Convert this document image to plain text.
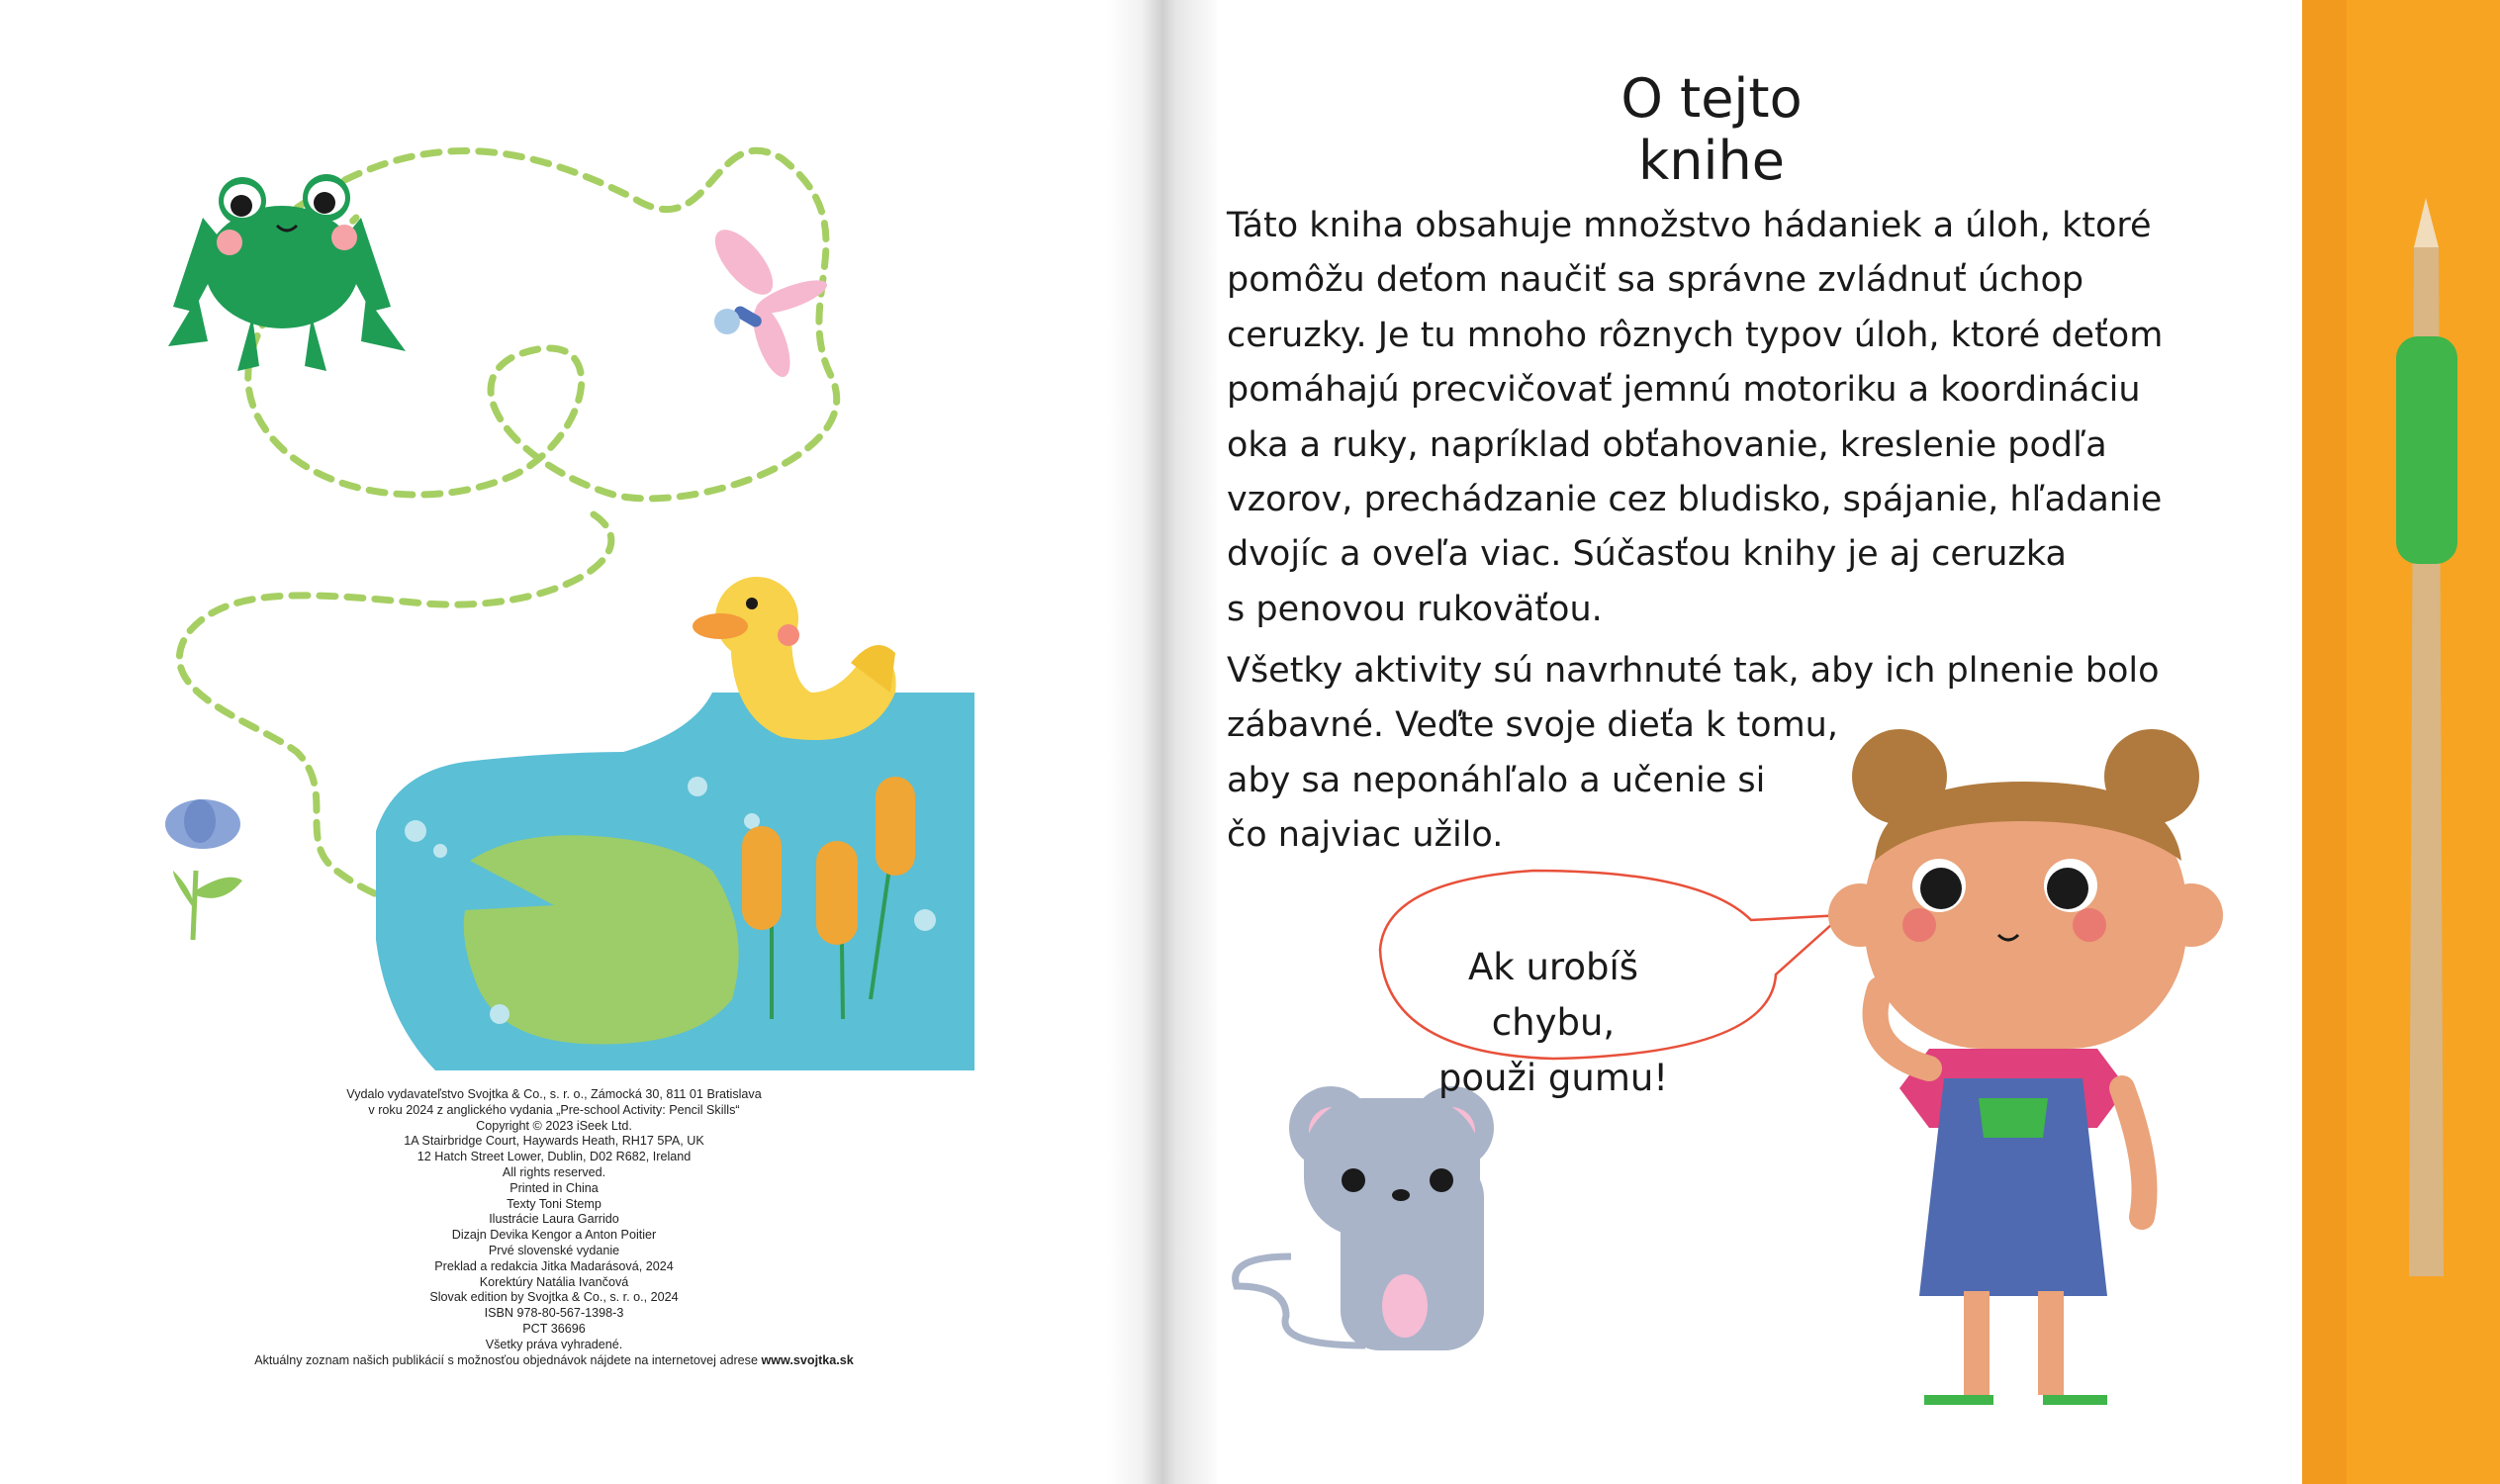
O tejto knihe

Táto kniha obsahuje množstvo hádaniek a úloh, ktoré
pomôžu deťom naučiť sa správne zvládnuť úchop
ceruzky. Je tu mnoho rôznych typov úloh, ktoré deťom
pomáhajú precvičovať jemnú motoriku a koordináciu
oka a ruky, napríklad obťahovanie, kreslenie podľa
vzorov, prechádzanie cez bludisko, spájanie, hľadanie
dvojíc a oveľa viac. Súčasťou knihy je aj ceruzka
s penovou rukoväťou.

Všetky aktivity sú navrhnuté tak, aby ich plnenie bolo
zábavné. Veďte svoje dieťa k tomu,
aby sa neponáhľalo a učenie si
čo najviac užilo.

Ak urobíš chybu,
použi gumu!
Vydalo vydavateľstvo Svojtka & Co., s. r. o., Zámocká 30, 811 01 Bratislava
v roku 2024 z anglického vydania „Pre-school Activity: Pencil Skills“
Copyright © 2023 iSeek Ltd.
1A Stairbridge Court, Haywards Heath, RH17 5PA, UK
12 Hatch Street Lower, Dublin, D02 R682, Ireland
All rights reserved.
Printed in China
Texty Toni Stemp
Ilustrácie Laura Garrido
Dizajn Devika Kengor a Anton Poitier
Prvé slovenské vydanie
Preklad a redakcia Jitka Madarásová, 2024
Korektúry Natália Ivančová
Slovak edition by Svojtka & Co., s. r. o., 2024
ISBN 978-80-567-1398-3
PCT 36696
Všetky práva vyhradené.
Aktuálny zoznam našich publikácií s možnosťou objednávok nájdete na internetovej adrese www.svojtka.sk
